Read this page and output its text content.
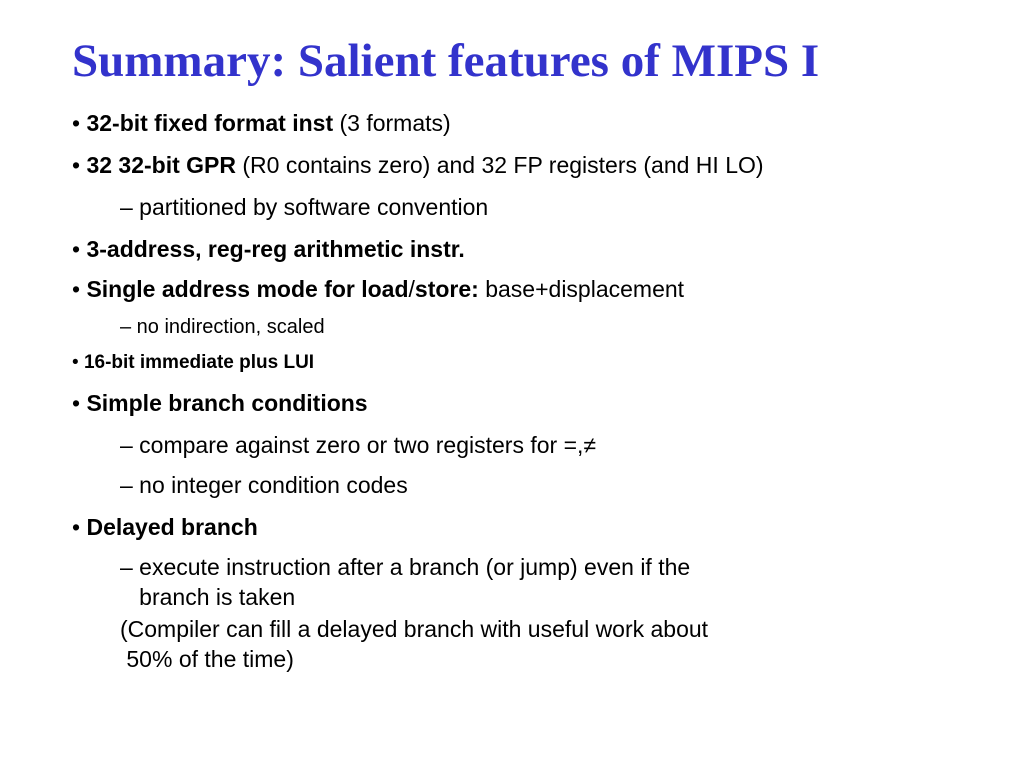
Summary: Salient features of MIPS I
• 32-bit fixed format inst (3 formats)
• 32 32-bit GPR (R0 contains zero) and 32 FP registers (and HI LO)
– partitioned by software convention
• 3-address, reg-reg arithmetic instr.
• Single address mode for load/store: base+displacement
– no indirection, scaled
• 16-bit immediate plus LUI
• Simple branch conditions
– compare against zero or two registers for =,≠
– no integer condition codes
• Delayed branch
– execute instruction after a branch (or jump) even if the
branch is taken
(Compiler can fill a delayed branch with useful work about
50% of the time)
